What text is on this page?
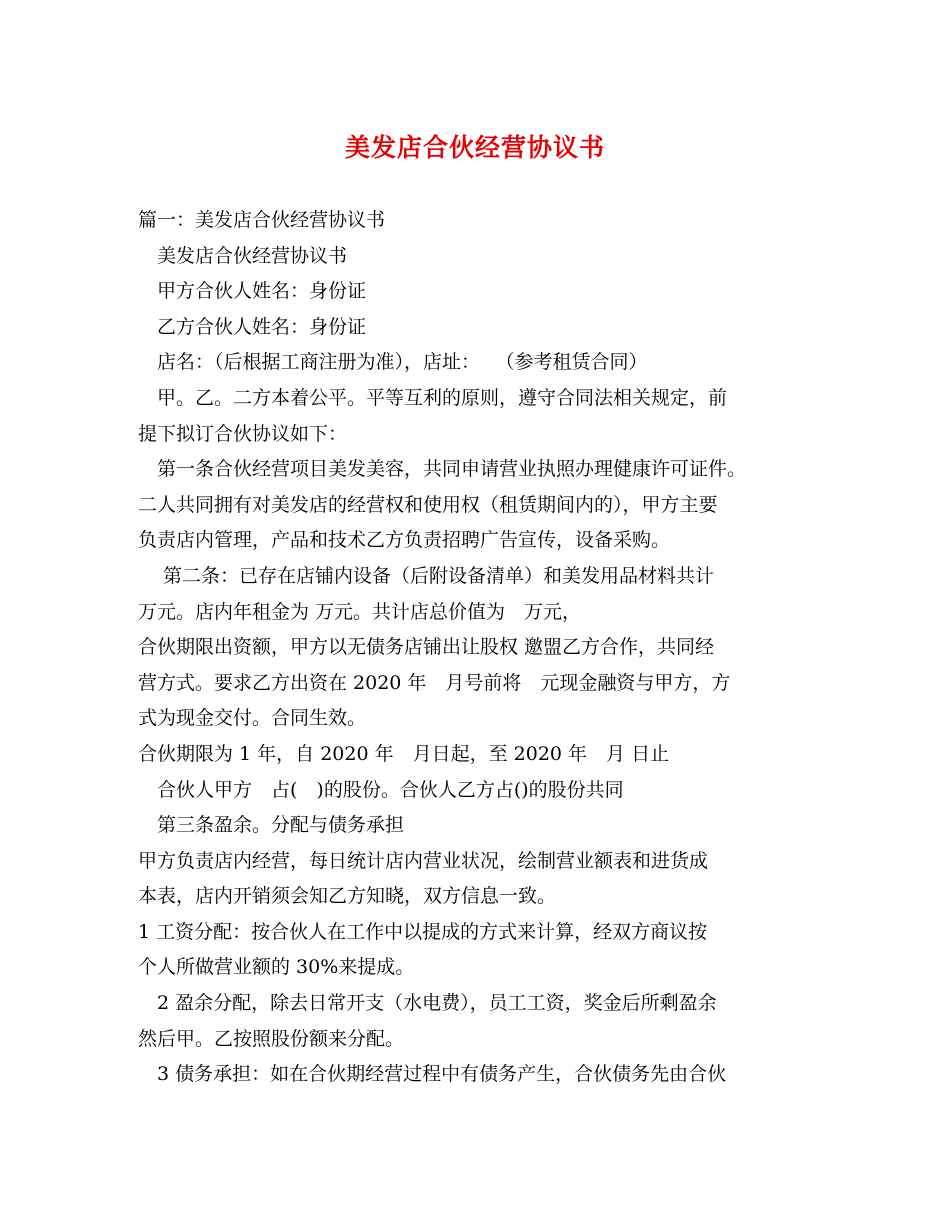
美发店合伙经营协议书
篇一：美发店合伙经营协议书
　美发店合伙经营协议书
　甲方合伙人姓名：身份证
　乙方合伙人姓名：身份证
　店名：（后根据工商注册为准），店址：　 （参考租赁合同）
　甲。乙。二方本着公平。平等互利的原则，遵守合同法相关规定，前
提下拟订合伙协议如下：
　第一条合伙经营项目美发美容，共同申请营业执照办理健康许可证件。
二人共同拥有对美发店的经营权和使用权（租赁期间内的），甲方主要
负责店内管理，产品和技术乙方负责招聘广告宣传，设备采购。
　 第二条：已存在店铺内设备（后附设备清单）和美发用品材料共计
万元。店内年租金为 万元。共计店总价值为　万元，
合伙期限出资额，甲方以无债务店铺出让股权 邀盟乙方合作，共同经
营方式。要求乙方出资在 2020 年　月号前将　元现金融资与甲方，方
式为现金交付。合同生效。
合伙期限为 1 年，自 2020 年　月日起，至 2020 年　月 日止
　合伙人甲方　占(　)的股份。合伙人乙方占()的股份共同
　第三条盈余。分配与债务承担
甲方负责店内经营，每日统计店内营业状况，绘制营业额表和进货成
本表，店内开销须会知乙方知晓，双方信息一致。
1 工资分配：按合伙人在工作中以提成的方式来计算，经双方商议按
个人所做营业额的 30%来提成。
　2 盈余分配，除去日常开支（水电费），员工工资，奖金后所剩盈余
然后甲。乙按照股份额来分配。
　3 债务承担：如在合伙期经营过程中有债务产生，合伙债务先由合伙
